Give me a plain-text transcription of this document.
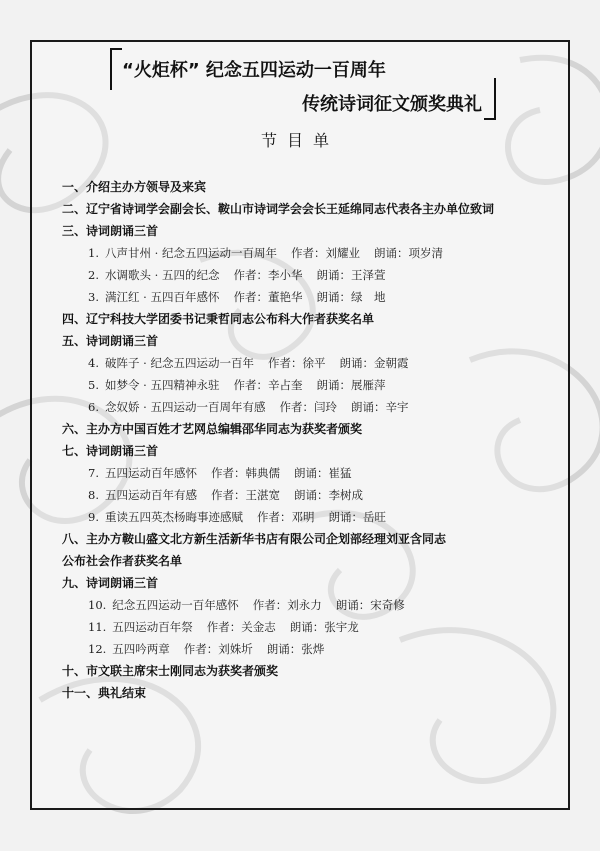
“火炬杯” 纪念五四运动一百周年
传统诗词征文颁奖典礼
节目单
一、介绍主办方领导及来宾
二、辽宁省诗词学会副会长、鞍山市诗词学会会长王延绵同志代表各主办单位致词
三、诗词朗诵三首
1. 八声甘州 · 纪念五四运动一百周年 作者：刘耀业 朗诵：项岁清
2. 水调歌头 · 五四的纪念 作者：李小华 朗诵：王泽萱
3. 满江红 · 五四百年感怀 作者：董艳华 朗诵：绿　地
四、辽宁科技大学团委书记秉哲同志公布科大作者获奖名单
五、诗词朗诵三首
4. 破阵子 · 纪念五四运动一百年 作者：徐平 朗诵：金朝霞
5. 如梦令 · 五四精神永驻 作者：辛占奎 朗诵：展雁萍
6. 念奴娇 · 五四运动一百周年有感 作者：闫玲 朗诵：辛宇
六、主办方中国百姓才艺网总编辑邵华同志为获奖者颁奖
七、诗词朗诵三首
7. 五四运动百年感怀 作者：韩典儒 朗诵：崔猛
8. 五四运动百年有感 作者：王湛宽 朗诵：李树成
9. 重读五四英杰杨晦事迹感赋 作者：邓明 朗诵：岳旺
八、主办方鞍山盛文北方新生活新华书店有限公司企划部经理刘亚含同志
公布社会作者获奖名单
九、诗词朗诵三首
10. 纪念五四运动一百年感怀 作者：刘永力 朗诵：宋奇修
11. 五四运动百年祭 作者：关金志 朗诵：张宇龙
12. 五四吟两章 作者：刘姝圻 朗诵：张烨
十、市文联主席宋士刚同志为获奖者颁奖
十一、典礼结束
